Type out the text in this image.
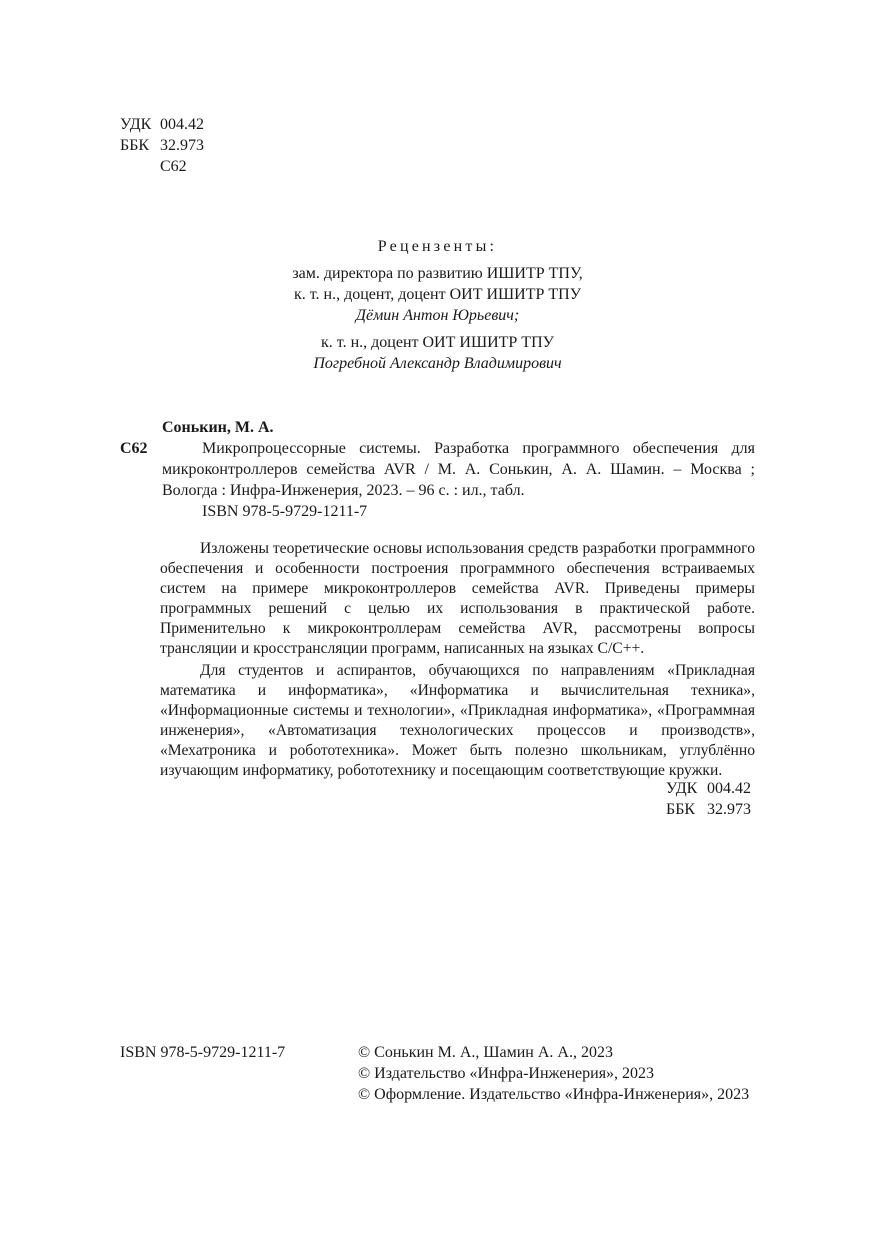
УДК 004.42
ББК 32.973
С62
Рецензенты:
зам. директора по развитию ИШИТР ТПУ,
к. т. н., доцент, доцент ОИТ ИШИТР ТПУ
Дёмин Антон Юрьевич;
к. т. н., доцент ОИТ ИШИТР ТПУ
Погребной Александр Владимирович
Сонькин, М. А.
С62	Микропроцессорные системы. Разработка программного обеспечения для микроконтроллеров семейства AVR / М. А. Сонькин, А. А. Шамин. – Москва ; Вологда : Инфра-Инженерия, 2023. – 96 с. : ил., табл.

ISBN 978-5-9729-1211-7

Изложены теоретические основы использования средств разработки программного обеспечения и особенности построения программного обеспечения встраиваемых систем на примере микроконтроллеров семейства AVR. Приведены примеры программных решений с целью их использования в практической работе. Применительно к микроконтроллерам семейства AVR, рассмотрены вопросы трансляции и кросстрансляции программ, написанных на языках C/C++.

Для студентов и аспирантов, обучающихся по направлениям «Прикладная математика и информатика», «Информатика и вычислительная техника», «Информационные системы и технологии», «Прикладная информатика», «Программная инженерия», «Автоматизация технологических процессов и производств», «Мехатроника и робототехника». Может быть полезно школьникам, углублённо изучающим информатику, робототехнику и посещающим соответствующие кружки.

УДК 004.42
ББК 32.973
ISBN 978-5-9729-1211-7	© Сонькин М. А., Шамин А. А., 2023
© Издательство «Инфра-Инженерия», 2023
© Оформление. Издательство «Инфра-Инженерия», 2023
